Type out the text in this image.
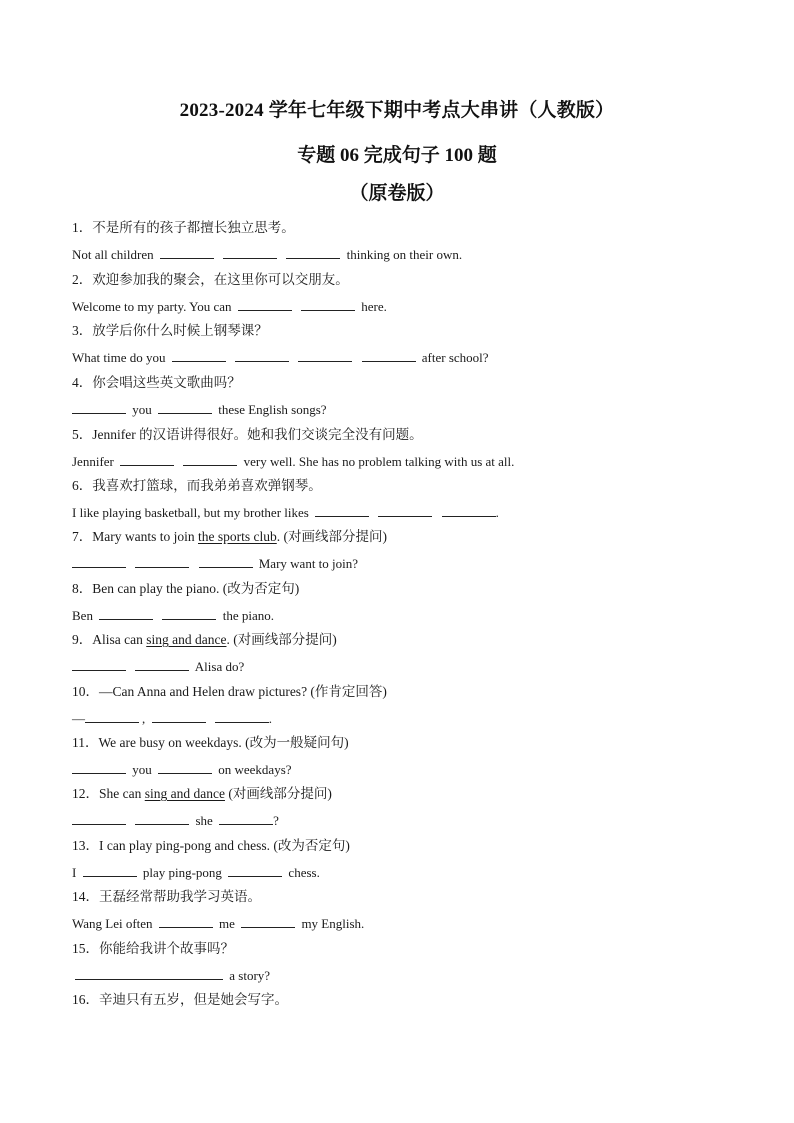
2023-2024 学年七年级下期中考点大串讲（人教版）
专题 06 完成句子 100 题
（原卷版）
1．不是所有的孩子都擅长独立思考。
Not all children	thinking on their own.
2．欢迎参加我的聚会，在这里你可以交朋友。
Welcome to my party. You can	here.
3．放学后你什么时候上钢琴课？
What time do you	after school?
4．你会唱这些英文歌曲吗？
you	these English songs?
5．Jennifer 的汉语讲得很好。她和我们交谈完全没有问题。
Jennifer	very well. She has no problem talking with us at all.
6．我喜欢打篮球，而我弟弟喜欢弹钢琴。
I like playing basketball, but my brother likes	.
7．Mary wants to join the sports club. (对画线部分提问)
Mary want to join?
8．Ben can play the piano. (改为否定句)
Ben	the piano.
9．Alisa can sing and dance. (对画线部分提问)
Alisa do?
10．—Can Anna and Helen draw pictures? (作肯定回答)
—	,	.
11．We are busy on weekdays. (改为一般疑问句)
you	on weekdays?
12．She can sing and dance (对画线部分提问)
she	?
13．I can play ping-pong and chess. (改为否定句)
I	play ping-pong	chess.
14．王磊经常帮助我学习英语。
Wang Lei often	me	my English.
15．你能给我讲个故事吗？
a story?
16．辛迪只有五岁，但是她会写字。
